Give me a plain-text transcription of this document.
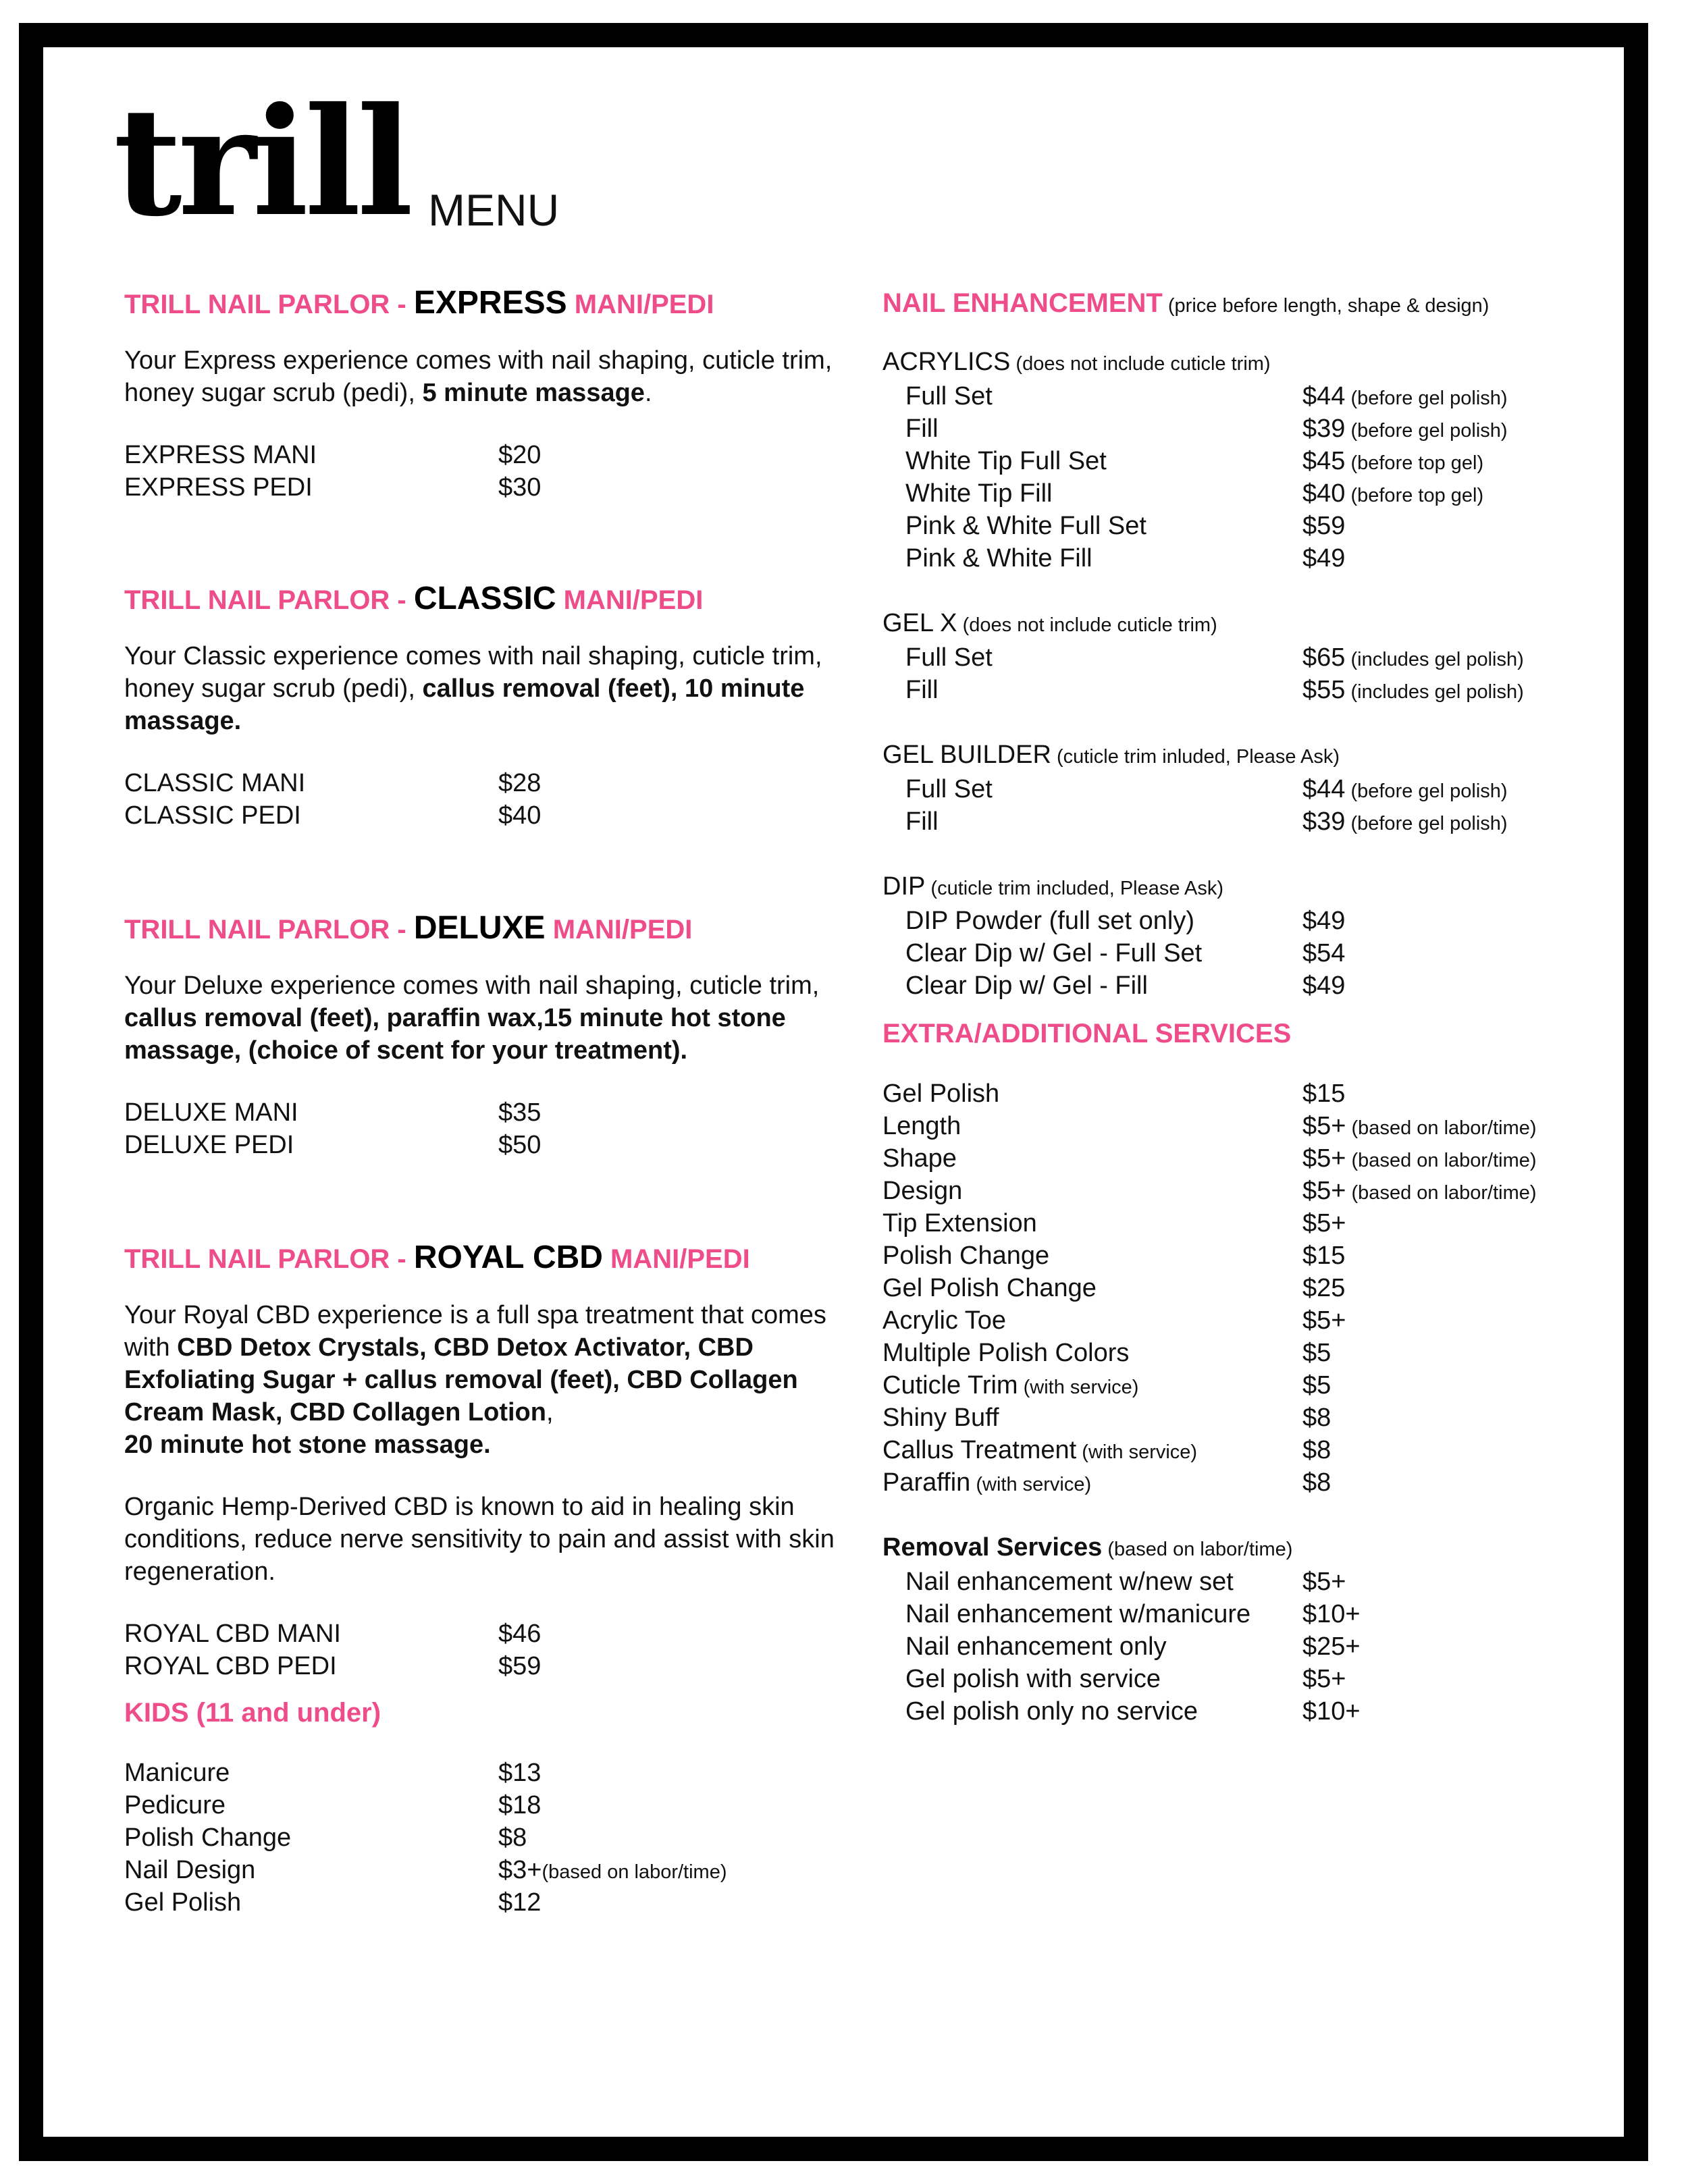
trill MENU
TRILL NAIL PARLOR - EXPRESS MANI/PEDI
Your Express experience comes with nail shaping, cuticle trim, honey sugar scrub (pedi), 5 minute massage.
EXPRESS MANI	$20
EXPRESS PEDI	$30
TRILL NAIL PARLOR - CLASSIC MANI/PEDI
Your Classic experience comes with nail shaping, cuticle trim, honey sugar scrub (pedi), callus removal (feet), 10 minute massage.
CLASSIC MANI	$28
CLASSIC PEDI	$40
TRILL NAIL PARLOR - DELUXE MANI/PEDI
Your Deluxe experience comes with nail shaping, cuticle trim, callus removal (feet), paraffin wax,15 minute hot stone massage, (choice of scent for your treatment).
DELUXE MANI	$35
DELUXE PEDI	$50
TRILL NAIL PARLOR - ROYAL CBD MANI/PEDI
Your Royal CBD experience is a full spa treatment that comes with CBD Detox Crystals, CBD Detox Activator, CBD Exfoliating Sugar + callus removal (feet), CBD Collagen Cream Mask, CBD Collagen Lotion,
20 minute hot stone massage.
Organic Hemp-Derived CBD is known to aid in healing skin conditions, reduce nerve sensitivity to pain and assist with skin regeneration.
ROYAL CBD MANI	$46
ROYAL CBD PEDI	$59
KIDS (11 and under)
Manicure	$13
Pedicure	$18
Polish Change	$8
Nail Design	$3+(based on labor/time)
Gel Polish	$12
NAIL ENHANCEMENT (price before length, shape & design)
ACRYLICS (does not include cuticle trim)
Full Set	$44 (before gel polish)
Fill	$39 (before gel polish)
White Tip Full Set	$45 (before top gel)
White Tip Fill	$40 (before top gel)
Pink & White Full Set	$59
Pink & White Fill	$49
GEL X (does not include cuticle trim)
Full Set	$65 (includes gel polish)
Fill	$55 (includes gel polish)
GEL BUILDER (cuticle trim inluded, Please Ask)
Full Set	$44 (before gel polish)
Fill	$39 (before gel polish)
DIP (cuticle trim included, Please Ask)
DIP Powder (full set only)	$49
Clear Dip w/ Gel - Full Set	$54
Clear Dip w/ Gel - Fill	$49
EXTRA/ADDITIONAL SERVICES
Gel Polish	$15
Length	$5+ (based on labor/time)
Shape	$5+ (based on labor/time)
Design	$5+ (based on labor/time)
Tip Extension	$5+
Polish Change	$15
Gel Polish Change	$25
Acrylic Toe	$5+
Multiple Polish Colors	$5
Cuticle Trim (with service)	$5
Shiny Buff	$8
Callus Treatment (with service)	$8
Paraffin (with service)	$8
Removal Services (based on labor/time)
Nail enhancement w/new set	$5+
Nail enhancement w/manicure $10+
Nail enhancement only	$25+
Gel polish with service	$5+
Gel polish only no service	$10+
